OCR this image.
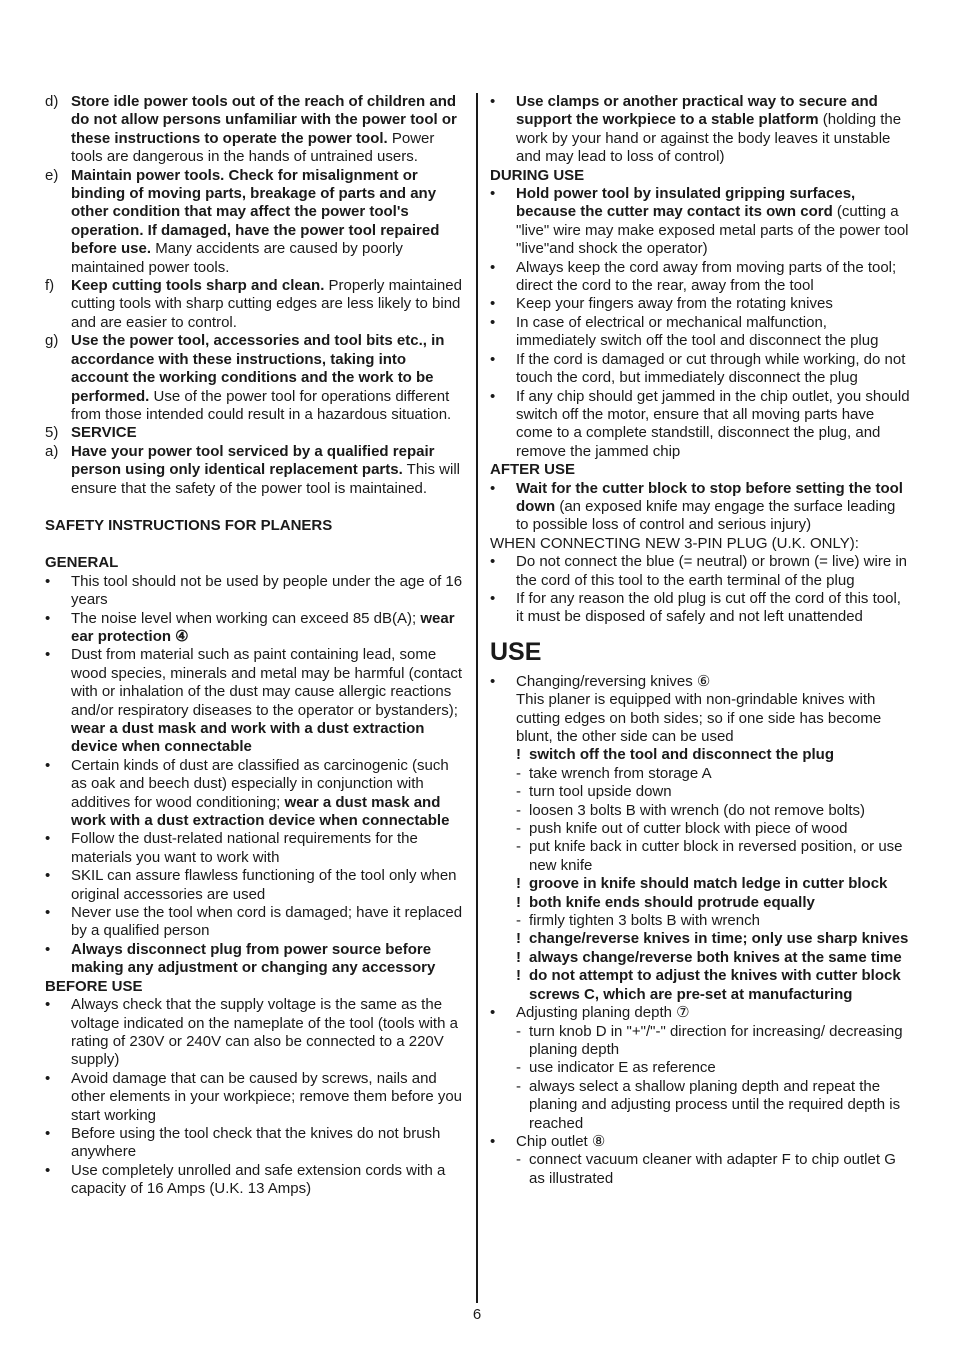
d) Store idle power tools out of the reach of children and do not allow persons unfamiliar with the power tool or these instructions to operate the power tool. Power tools are dangerous in the hands of untrained users.
e) Maintain power tools. Check for misalignment or binding of moving parts, breakage of parts and any other condition that may affect the power tool's operation. If damaged, have the power tool repaired before use. Many accidents are caused by poorly maintained power tools.
f) Keep cutting tools sharp and clean. Properly maintained cutting tools with sharp cutting edges are less likely to bind and are easier to control.
g) Use the power tool, accessories and tool bits etc., in accordance with these instructions, taking into account the working conditions and the work to be performed. Use of the power tool for operations different from those intended could result in a hazardous situation.
5) SERVICE
a) Have your power tool serviced by a qualified repair person using only identical replacement parts. This will ensure that the safety of the power tool is maintained.
SAFETY INSTRUCTIONS FOR PLANERS
GENERAL
• This tool should not be used by people under the age of 16 years
• The noise level when working can exceed 85 dB(A); wear ear protection ④
• Dust from material such as paint containing lead, some wood species, minerals and metal may be harmful (contact with or inhalation of the dust may cause allergic reactions and/or respiratory diseases to the operator or bystanders); wear a dust mask and work with a dust extraction device when connectable
• Certain kinds of dust are classified as carcinogenic (such as oak and beech dust) especially in conjunction with additives for wood conditioning; wear a dust mask and work with a dust extraction device when connectable
• Follow the dust-related national requirements for the materials you want to work with
• SKIL can assure flawless functioning of the tool only when original accessories are used
• Never use the tool when cord is damaged; have it replaced by a qualified person
• Always disconnect plug from power source before making any adjustment or changing any accessory
BEFORE USE
• Always check that the supply voltage is the same as the voltage indicated on the nameplate of the tool (tools with a rating of 230V or 240V can also be connected to a 220V supply)
• Avoid damage that can be caused by screws, nails and other elements in your workpiece; remove them before you start working
• Before using the tool check that the knives do not brush anywhere
• Use completely unrolled and safe extension cords with a capacity of 16 Amps (U.K. 13 Amps)
• Use clamps or another practical way to secure and support the workpiece to a stable platform (holding the work by your hand or against the body leaves it unstable and may lead to loss of control)
DURING USE
• Hold power tool by insulated gripping surfaces, because the cutter may contact its own cord (cutting a "live" wire may make exposed metal parts of the power tool "live"and shock the operator)
• Always keep the cord away from moving parts of the tool; direct the cord to the rear, away from the tool
• Keep your fingers away from the rotating knives
• In case of electrical or mechanical malfunction, immediately switch off the tool and disconnect the plug
• If the cord is damaged or cut through while working, do not touch the cord, but immediately disconnect the plug
• If any chip should get jammed in the chip outlet, you should switch off the motor, ensure that all moving parts have come to a complete standstill, disconnect the plug, and remove the jammed chip
AFTER USE
• Wait for the cutter block to stop before setting the tool down (an exposed knife may engage the surface leading to possible loss of control and serious injury)
WHEN CONNECTING NEW 3-PIN PLUG (U.K. ONLY):
• Do not connect the blue (= neutral) or brown (= live) wire in the cord of this tool to the earth terminal of the plug
• If for any reason the old plug is cut off the cord of this tool, it must be disposed of safely and not left unattended
USE
• Changing/reversing knives ⑥
This planer is equipped with non-grindable knives with cutting edges on both sides; so if one side has become blunt, the other side can be used
! switch off the tool and disconnect the plug
- take wrench from storage A
- turn tool upside down
- loosen 3 bolts B with wrench (do not remove bolts)
- push knife out of cutter block with piece of wood
- put knife back in cutter block in reversed position, or use new knife
! groove in knife should match ledge in cutter block
! both knife ends should protrude equally
- firmly tighten 3 bolts B with wrench
! change/reverse knives in time; only use sharp knives
! always change/reverse both knives at the same time
! do not attempt to adjust the knives with cutter block screws C, which are pre-set at manufacturing
• Adjusting planing depth ⑦
- turn knob D in "+"/"-" direction for increasing/ decreasing planing depth
- use indicator E as reference
- always select a shallow planing depth and repeat the planing and adjusting process until the required depth is reached
• Chip outlet ⑧
- connect vacuum cleaner with adapter F to chip outlet G as illustrated
6
